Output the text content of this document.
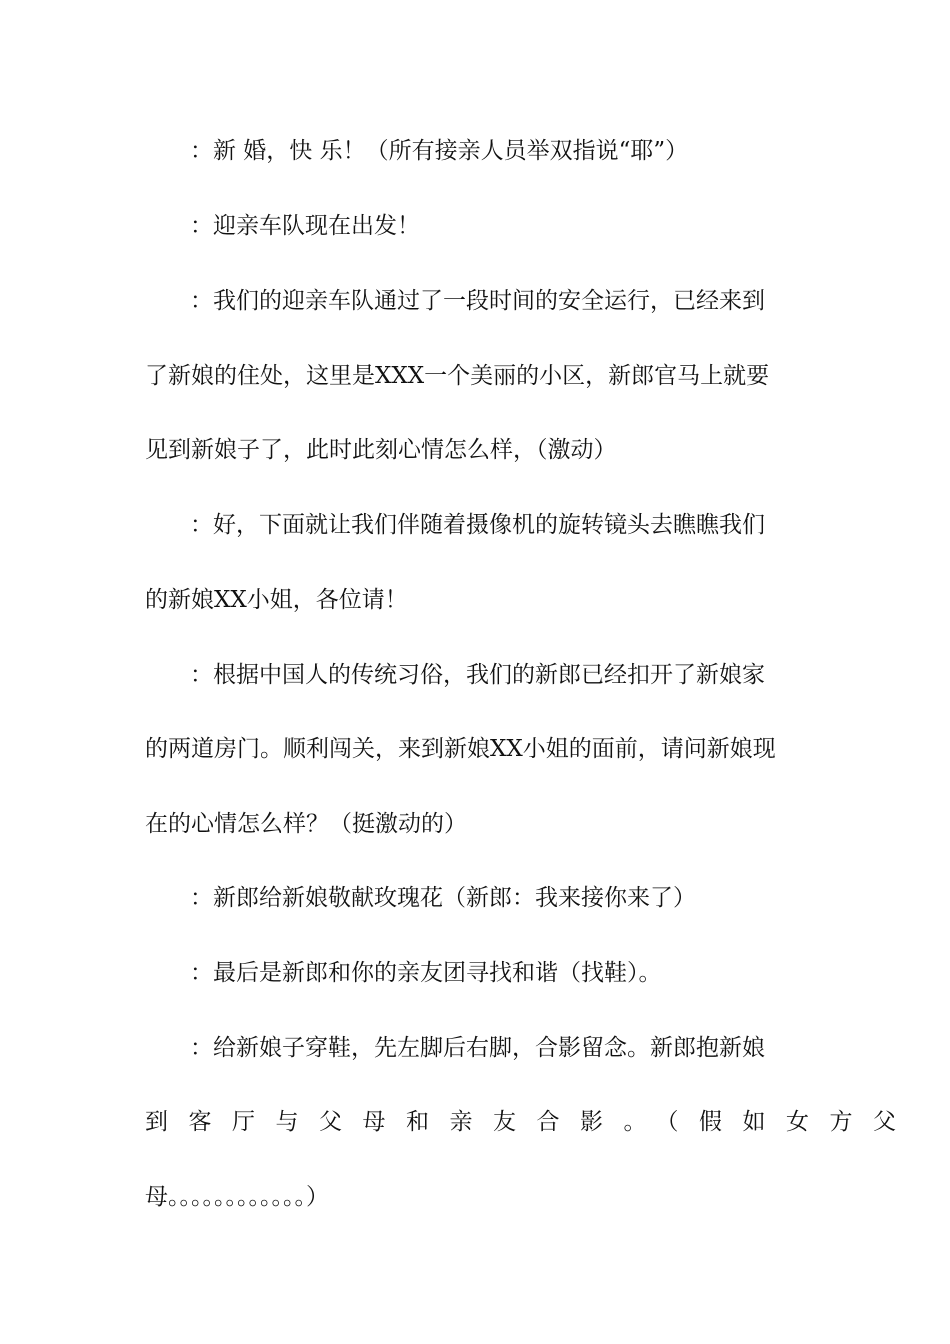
：新 婚，快 乐！（所有接亲人员举双指说“耶”）
：迎亲车队现在出发！
：我们的迎亲车队通过了一段时间的安全运行，已经来到
了新娘的住处，这里是XXX一个美丽的小区，新郎官马上就要
见到新娘子了，此时此刻心情怎么样，（激动）
：好，下面就让我们伴随着摄像机的旋转镜头去瞧瞧我们
的新娘XX小姐，各位请！
：根据中国人的传统习俗，我们的新郎已经扣开了新娘家
的两道房门。顺利闯关，来到新娘XX小姐的面前，请问新娘现
在的心情怎么样？（挺激动的）
：新郎给新娘敬献玫瑰花（新郎：我来接你来了）
：最后是新郎和你的亲友团寻找和谐（找鞋）。
：给新娘子穿鞋，先左脚后右脚，合影留念。新郎抱新娘
到客厅与父母和亲友合影。（假如女方父
母。。。。。。。。。。。。）
